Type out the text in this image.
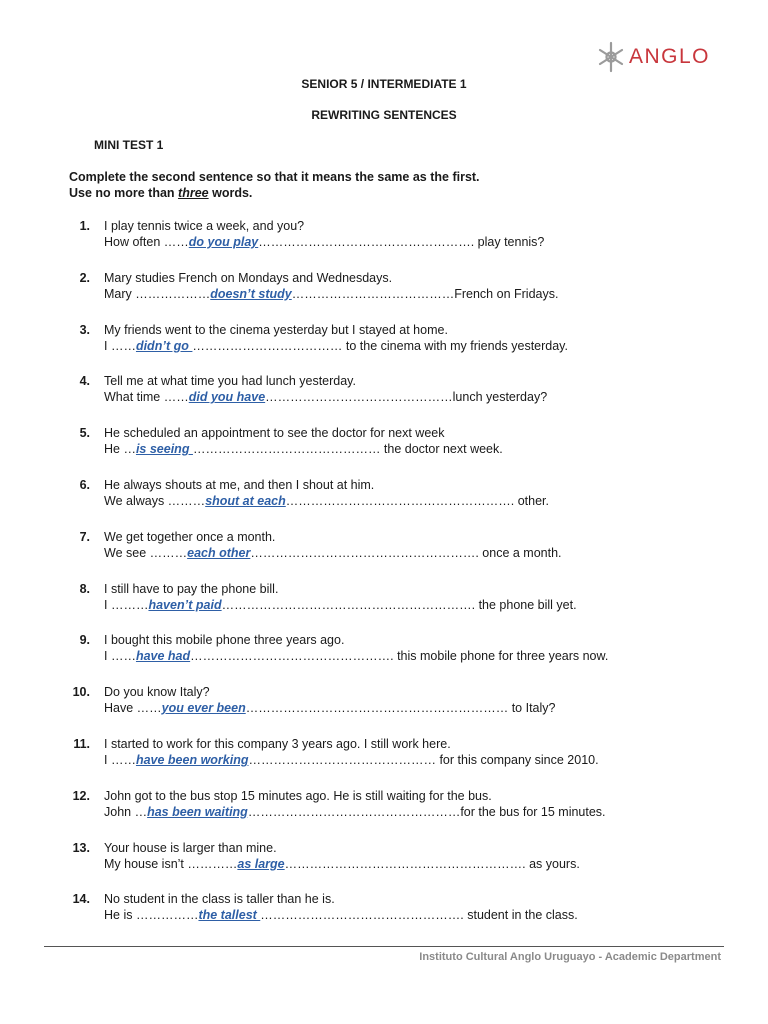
ANGLO
SENIOR 5 / INTERMEDIATE 1
REWRITING SENTENCES
MINI TEST 1
Complete the second sentence so that it means the same as the first.
Use no more than three words.
1. I play tennis twice a week, and you?
How often ……do you play……………………………………………. play tennis?
2. Mary studies French on Mondays and Wednesdays.
Mary ………………doesn’t study…………………………………French on Fridays.
3. My friends went to the cinema yesterday but I stayed at home.
I ……didn’t go ……………………………… to the cinema with my friends yesterday.
4. Tell me at what time you had lunch yesterday.
What time ……did you have………………………………………lunch yesterday?
5. He scheduled an appointment to see the doctor for next week
He …is seeing ……………………………………… the doctor next week.
6. He always shouts at me, and then I shout at him.
We always ………shout at each………………………………………………. other.
7. We get together once a month.
We see ………each other………………………………………………. once a month.
8. I still have to pay the phone bill.
I ………haven’t paid……………………………………………………. the phone bill yet.
9. I bought this mobile phone three years ago.
I ……have had…………………………………………. this mobile phone for three years now.
10. Do you know Italy?
Have ……you ever been……………………………………………………… to Italy?
11. I started to work for this company 3 years ago. I still work here.
I ……have been working……………………………………… for this company since 2010.
12. John got to the bus stop 15 minutes ago. He is still waiting for the bus.
John …has been waiting……………………………………………for the bus for 15 minutes.
13. Your house is larger than mine.
My house isn’t …………as large…………………………………………………. as yours.
14. No student in the class is taller than he is.
He is ……………the tallest …………………………………………. student in the class.
Instituto Cultural Anglo Uruguayo - Academic Department
